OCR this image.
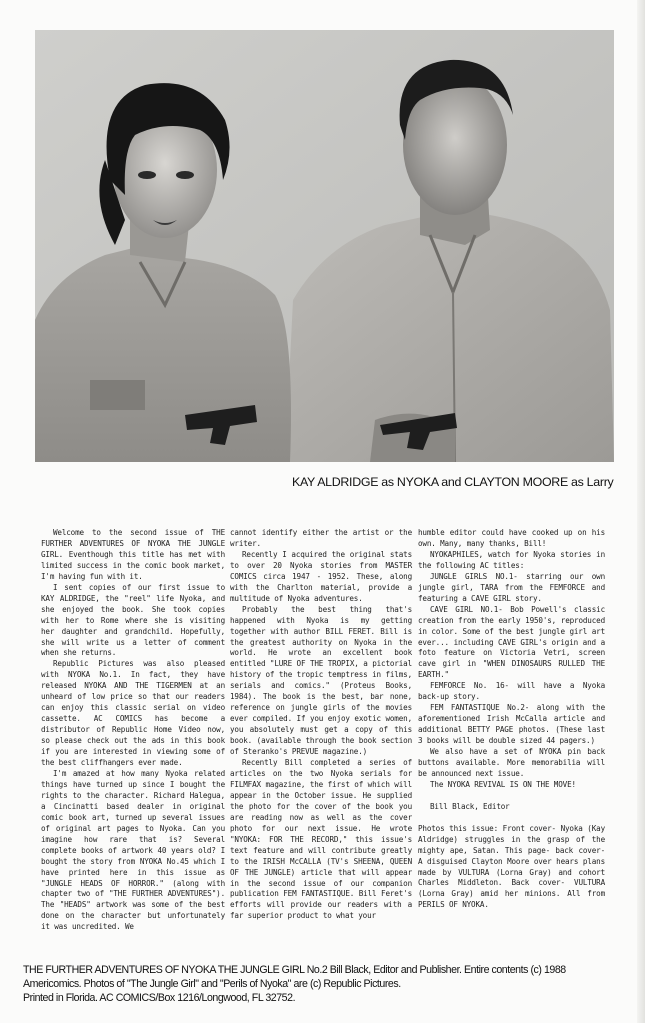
KAY ALDRIDGE as NYOKA and CLAYTON MOORE as Larry

Welcome to the second issue of THE FURTHER ADVENTURES OF NYOKA THE JUNGLE GIRL. Eventhough this title has met with limited success in the comic book market, I'm having fun with it.

I sent copies of our first issue to KAY ALDRIDGE, the "reel" life Nyoka, and she enjoyed the book. She took copies with her to Rome where she is visiting her daughter and grandchild. Hopefully, she will write us a letter of comment when she returns.

Republic Pictures was also pleased with NYOKA No.1. In fact, they have released NYOKA AND THE TIGERMEN at an unheard of low price so that our readers can enjoy this classic serial on video cassette. AC COMICS has become a distributor of Republic Home Video now, so please check out the ads in this book if you are interested in viewing some of the best cliffhangers ever made.

I'm amazed at how many Nyoka related things have turned up since I bought the rights to the character. Richard Halegua, a Cincinatti based dealer in original comic book art, turned up several issues of original art pages to Nyoka. Can you imagine how rare that is? Several complete books of artwork 40 years old? I bought the story from NYOKA No.45 which I have printed here in this issue as "JUNGLE HEADS OF HORROR." (along with chapter two of "THE FURTHER ADVENTURES"). The "HEADS" artwork was some of the best done on the character but unfortunately it was uncredited. We

cannot identify either the artist or the writer.

Recently I acquired the original stats to over 20 Nyoka stories from MASTER COMICS circa 1947 - 1952. These, along with the Charlton material, provide a multitude of Nyoka adventures.

Probably the best thing that's happened with Nyoka is my getting together with author BILL FERET. Bill is the greatest authority on Nyoka in the world. He wrote an excellent book entitled "LURE OF THE TROPIX, a pictorial history of the tropic temptress in films, serials and comics." (Proteus Books, 1984). The book is the best, bar none, reference on jungle girls of the movies ever compiled. If you enjoy exotic women, you absolutely must get a copy of this book. (available through the book section of Steranko's PREVUE magazine.)

Recently Bill completed a series of articles on the two Nyoka serials for FILMFAX magazine, the first of which will appear in the October issue. He supplied the photo for the cover of the book you are reading now as well as the cover photo for our next issue. He wrote "NYOKA: FOR THE RECORD," this issue's text feature and will contribute greatly to the IRISH McCALLA (TV's SHEENA, QUEEN OF THE JUNGLE) article that will appear in the second issue of our companion publication FEM FANTASTIQUE. Bill Feret's efforts will provide our readers with a far superior product to what your

humble editor could have cooked up on his own. Many, many thanks, Bill!

NYOKAPHILES, watch for Nyoka stories in the following AC titles:

JUNGLE GIRLS NO.1- starring our own jungle girl, TARA from the FEMFORCE and featuring a CAVE GIRL story.

CAVE GIRL NO.1- Bob Powell's classic creation from the early 1950's, reproduced in color. Some of the best jungle girl art ever... including CAVE GIRL's origin and a foto feature on Victoria Vetri, screen cave girl in "WHEN DINOSAURS RULLED THE EARTH."

FEMFORCE No. 16- will have a Nyoka back-up story.

FEM FANTASTIQUE No.2- along with the aforementioned Irish McCalla article and additional BETTY PAGE photos. (These last 3 books will be double sized 44 pagers.)

We also have a set of NYOKA pin back buttons available. More memorabilia will be announced next issue.

The NYOKA REVIVAL IS ON THE MOVE!

Bill Black, Editor

Photos this issue: Front cover- Nyoka (Kay Aldridge) struggles in the grasp of the mighty ape, Satan. This page- back cover- A disguised Clayton Moore over hears plans made by VULTURA (Lorna Gray) and cohort Charles Middleton. Back cover- VULTURA (Lorna Gray) amid her minions. All from PERILS OF NYOKA.

THE FURTHER ADVENTURES OF NYOKA THE JUNGLE GIRL No.2 Bill Black, Editor and Publisher. Entire contents (c) 1988
Americomics. Photos of "The Jungle Girl" and "Perils of Nyoka" are (c) Republic Pictures.
Printed in Florida. AC COMICS/Box 1216/Longwood, FL 32752.
